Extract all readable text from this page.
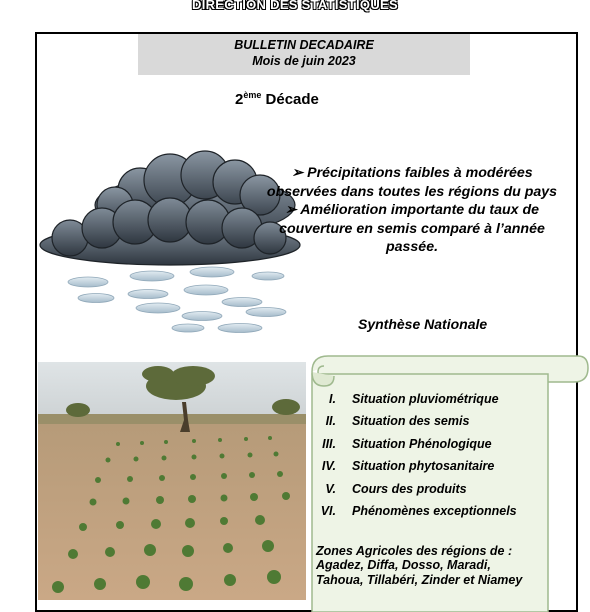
DIRECTION DES STATISTIQUES
BULLETIN DECADAIRE
Mois de juin 2023
2ème Décade

➢ Précipitations faibles à modérées observées dans toutes les régions du pays

➢ Amélioration importante du taux de couverture en semis comparé à l’année passée.

Synthèse Nationale
I.	Situation pluviométrique
II.	Situation des semis
III.	Situation Phénologique
IV.	Situation phytosanitaire
V.	Cours des produits
VI.	Phénomènes exceptionnels

Zones Agricoles des régions de :

Agadez, Diffa, Dosso, Maradi,

Tahoua, Tillabéri, Zinder et Niamey
